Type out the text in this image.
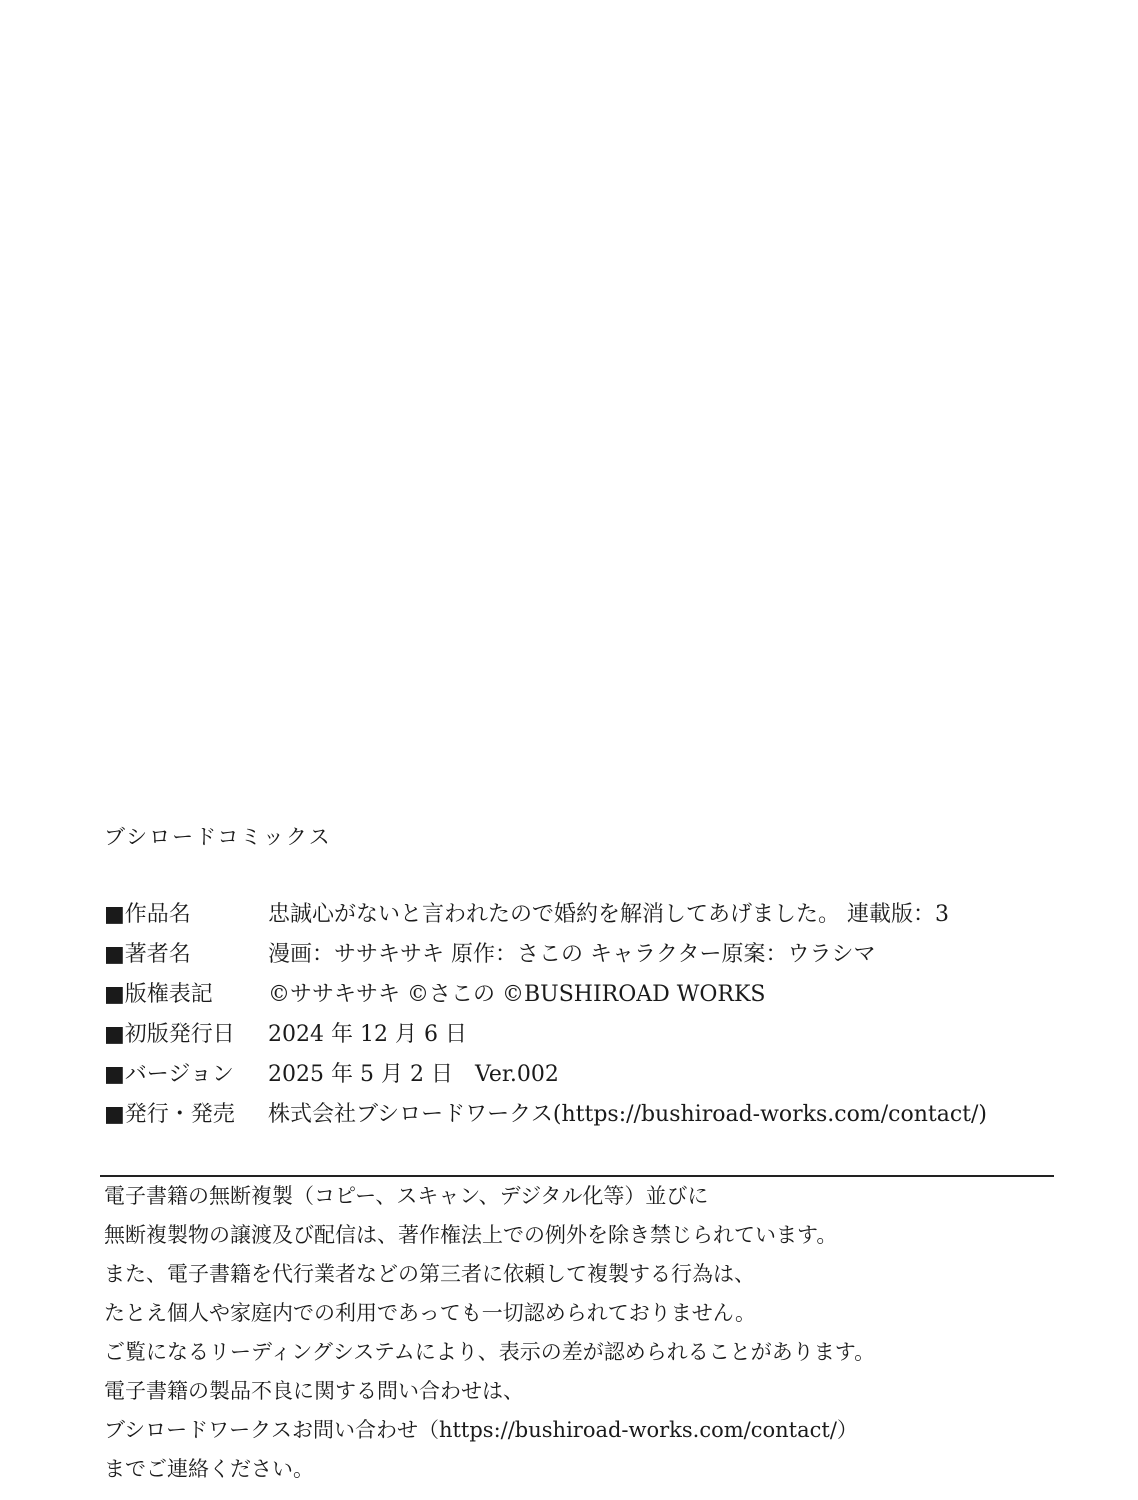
ブシロードコミックス
■作品名	忠誠心がないと言われたので婚約を解消してあげました。 連載版：3
■著者名	漫画：ササキサキ 原作：さこの キャラクター原案：ウラシマ
■版権表記	©ササキサキ ©さこの ©BUSHIROAD WORKS
■初版発行日	2024 年 12 月 6 日
■バージョン	2025 年 5 月 2 日　Ver.002
■発行・発売	株式会社ブシロードワークス(https://bushiroad-works.com/contact/)
電子書籍の無断複製（コピー、スキャン、デジタル化等）並びに
無断複製物の譲渡及び配信は、著作権法上での例外を除き禁じられています。
また、電子書籍を代行業者などの第三者に依頼して複製する行為は、
たとえ個人や家庭内での利用であっても一切認められておりません。
ご覧になるリーディングシステムにより、表示の差が認められることがあります。
電子書籍の製品不良に関する問い合わせは、
ブシロードワークスお問い合わせ（https://bushiroad-works.com/contact/）
までご連絡ください。
